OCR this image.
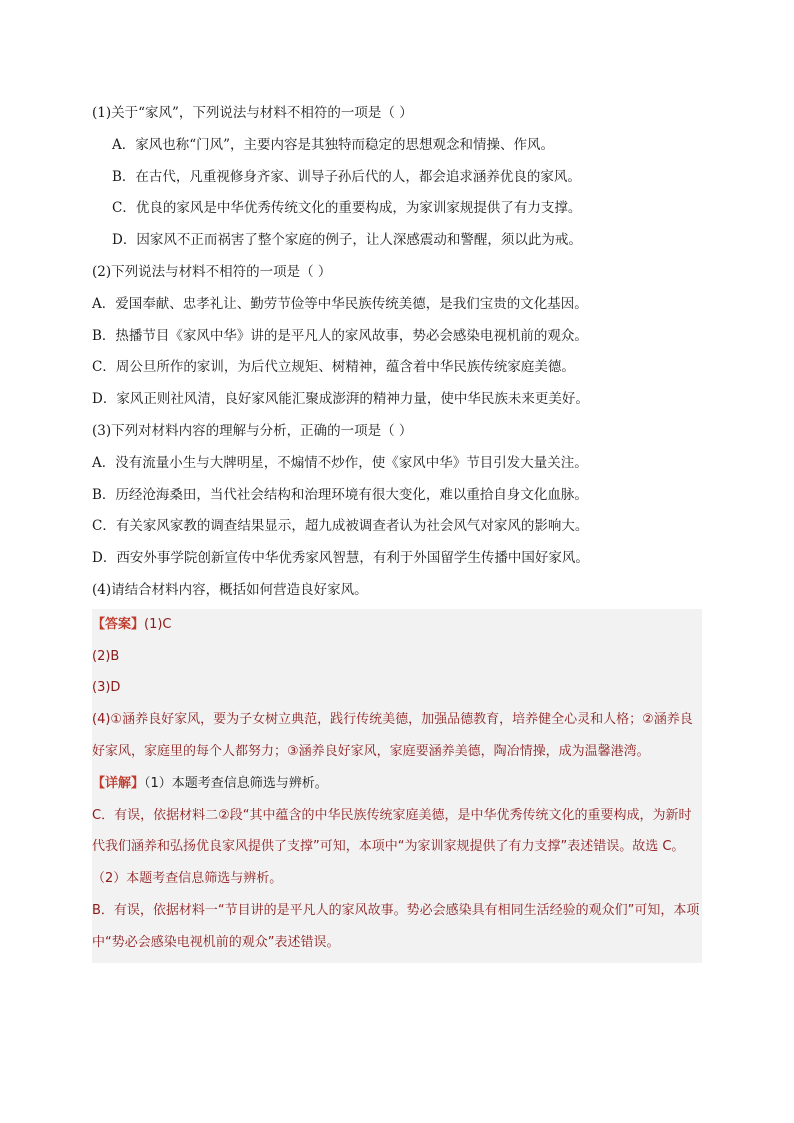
(1)关于“家风”，下列说法与材料不相符的一项是（ ）
A．家风也称“门风”，主要内容是其独特而稳定的思想观念和情操、作风。
B．在古代，凡重视修身齐家、训导子孙后代的人，都会追求涵养优良的家风。
C．优良的家风是中华优秀传统文化的重要构成，为家训家规提供了有力支撑。
D．因家风不正而祸害了整个家庭的例子，让人深感震动和警醒，须以此为戒。
(2)下列说法与材料不相符的一项是（ ）
A．爱国奉献、忠孝礼让、勤劳节俭等中华民族传统美德，是我们宝贵的文化基因。
B．热播节目《家风中华》讲的是平凡人的家风故事，势必会感染电视机前的观众。
C．周公旦所作的家训，为后代立规矩、树精神，蕴含着中华民族传统家庭美德。
D．家风正则社风清，良好家风能汇聚成澎湃的精神力量，使中华民族未来更美好。
(3)下列对材料内容的理解与分析，正确的一项是（ ）
A．没有流量小生与大牌明星，不煽情不炒作，使《家风中华》节目引发大量关注。
B．历经沧海桑田，当代社会结构和治理环境有很大变化，难以重拾自身文化血脉。
C．有关家风家教的调查结果显示，超九成被调查者认为社会风气对家风的影响大。
D．西安外事学院创新宣传中华优秀家风智慧，有利于外国留学生传播中国好家风。
(4)请结合材料内容，概括如何营造良好家风。
【答案】(1)C
(2)B
(3)D
(4)①涵养良好家风，要为子女树立典范，践行传统美德，加强品德教育，培养健全心灵和人格；②涵养良好家风，家庭里的每个人都努力；③涵养良好家风，家庭要涵养美德，陶冶情操，成为温馨港湾。
【详解】（1）本题考查信息筛选与辨析。
C．有误，依据材料二②段“其中蕴含的中华民族传统家庭美德，是中华优秀传统文化的重要构成，为新时代我们涵养和弘扬优良家风提供了支撑”可知，本项中“为家训家规提供了有力支撑”表述错误。故选 C。
（2）本题考查信息筛选与辨析。
B．有误，依据材料一“节目讲的是平凡人的家风故事。势必会感染具有相同生活经验的观众们”可知，本项中“势必会感染电视机前的观众”表述错误。
